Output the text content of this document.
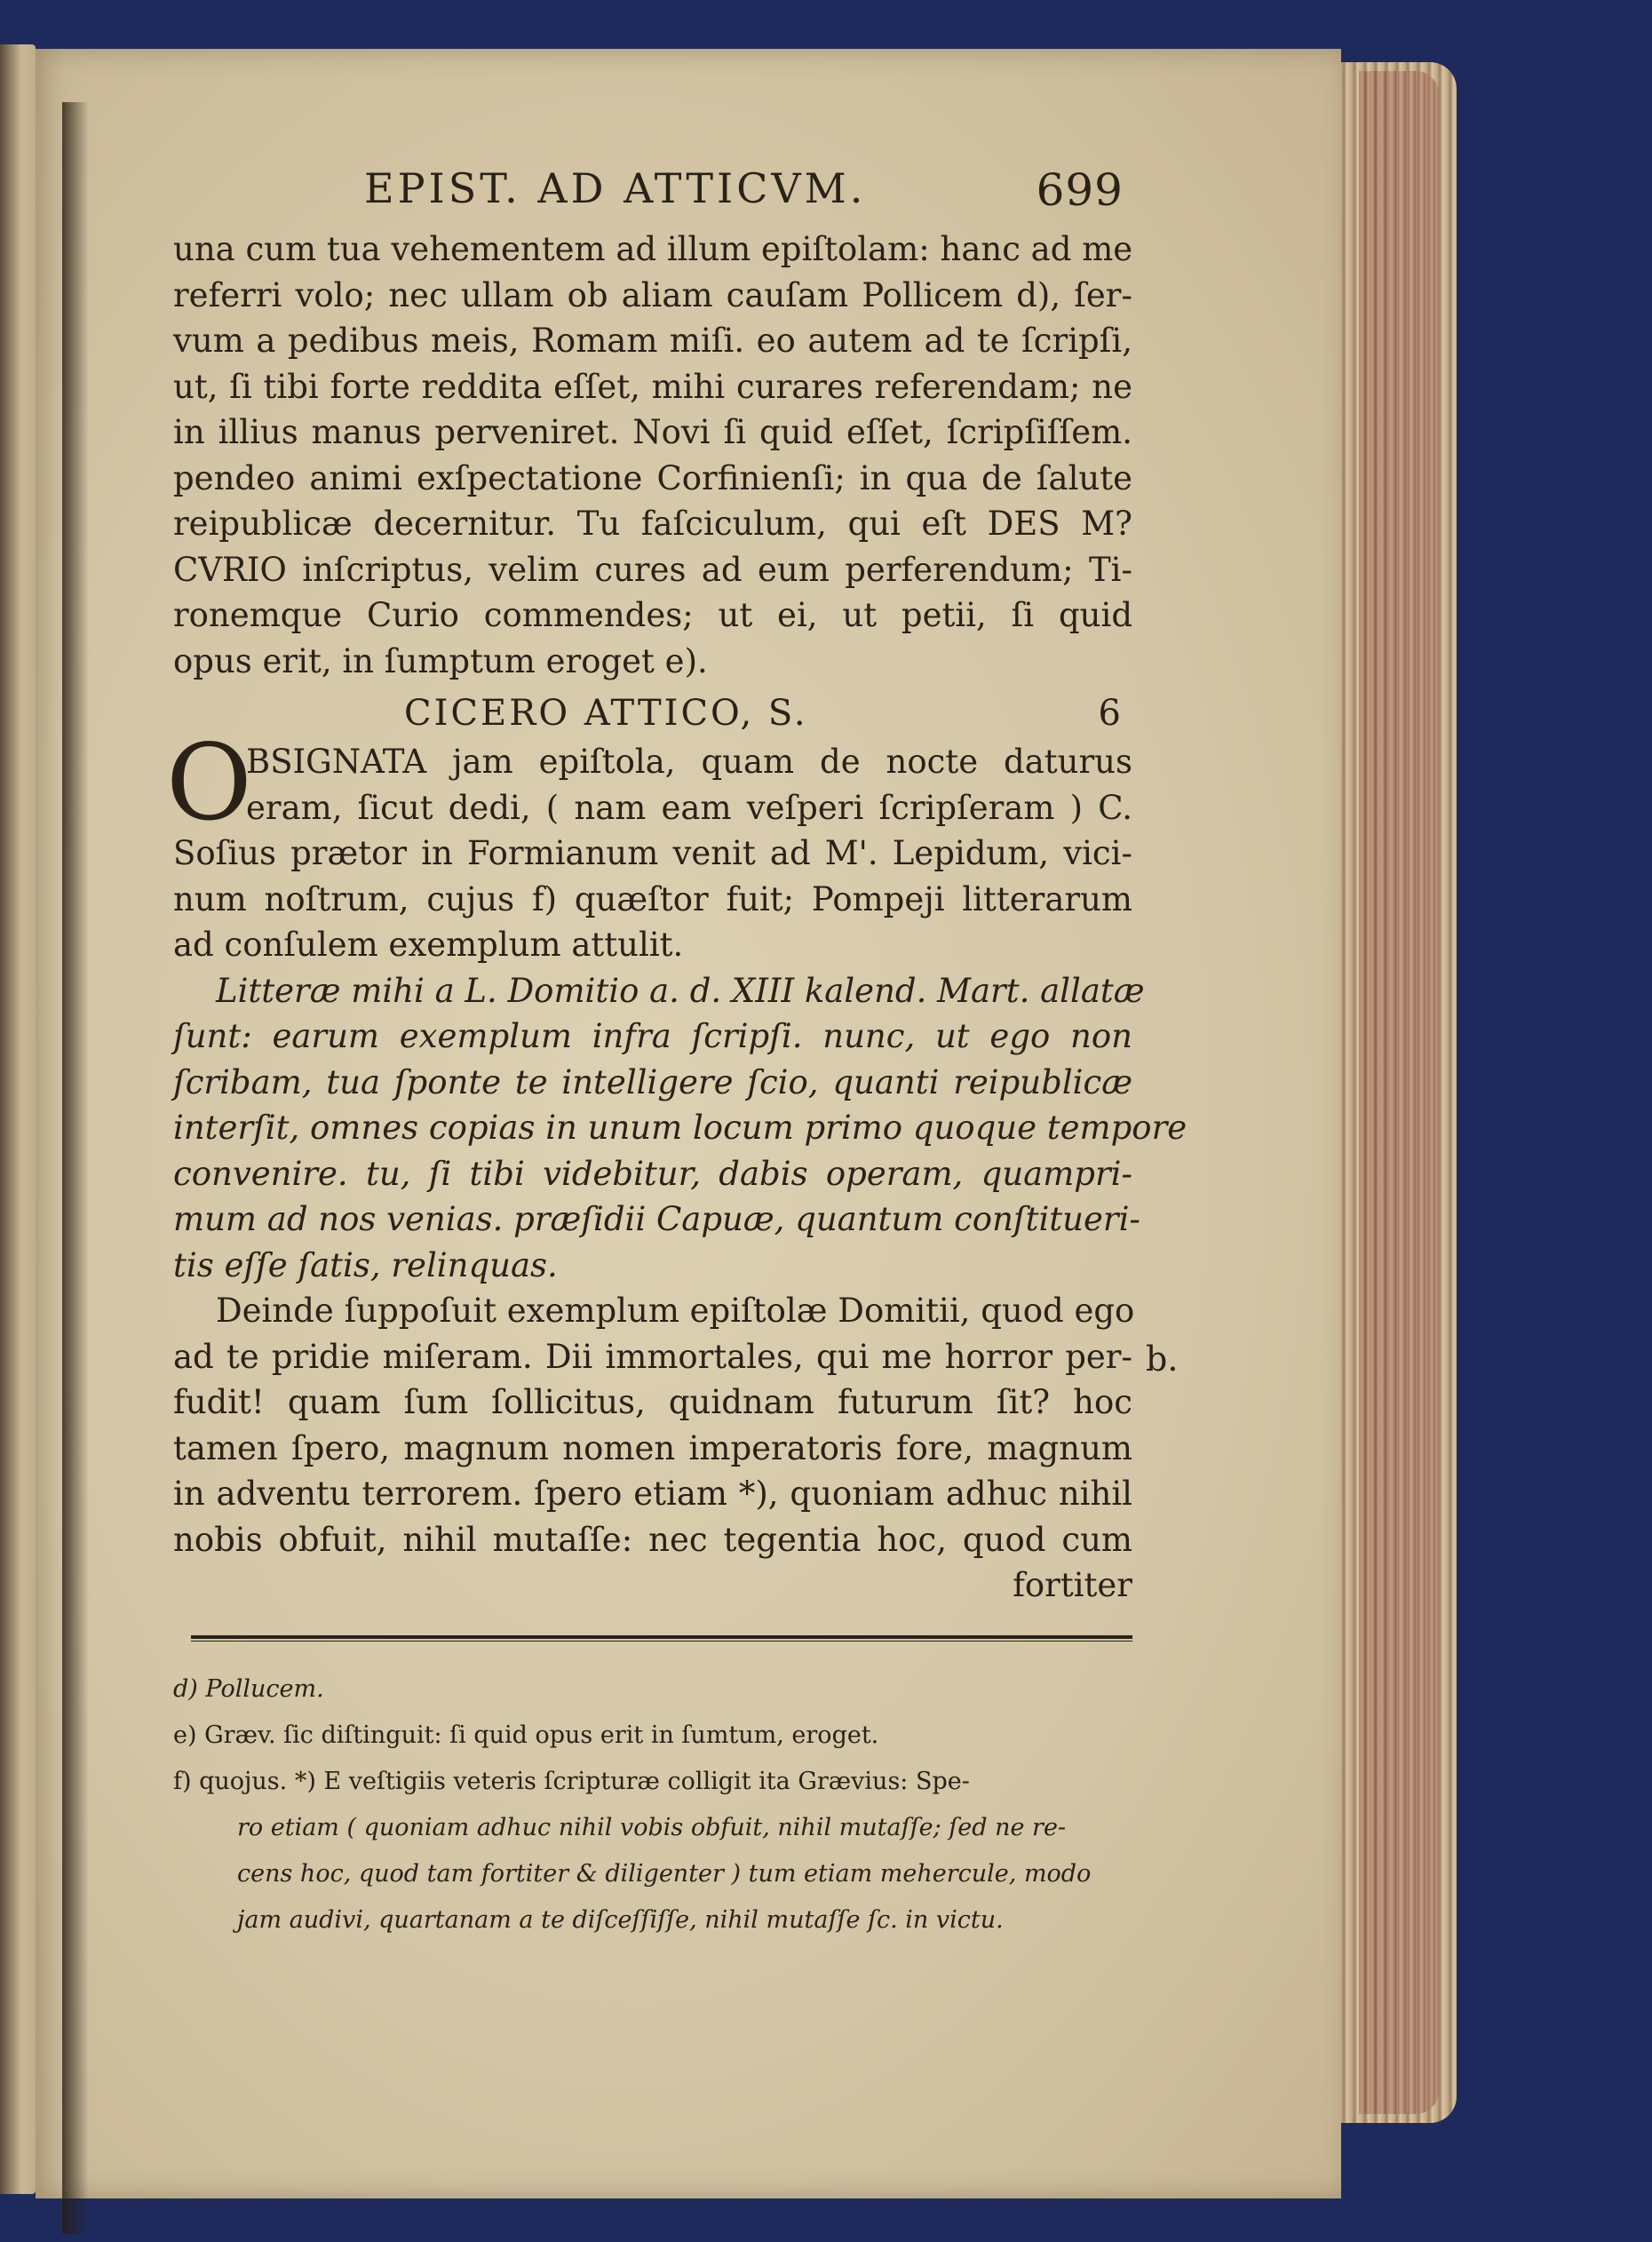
EPIST. AD ATTICVM.	699
una cum tua vehementem ad illum epiſtolam: hanc ad me
referri volo; nec ullam ob aliam cauſam Pollicem d), ſer-
vum a pedibus meis, Romam miſi. eo autem ad te ſcripſi,
ut, ſi tibi forte reddita eſſet, mihi curares referendam; ne
in illius manus perveniret. Novi ſi quid eſſet, ſcripſiſſem.
pendeo animi exſpectatione Corfinienſi; in qua de ſalute
reipublicæ decernitur. Tu faſciculum, qui eſt DES M?
CVRIO inſcriptus, velim cures ad eum perferendum; Ti-
ronemque Curio commendes; ut ei, ut petii, ſi quid
opus erit, in ſumptum eroget e).
CICERO ATTICO, S.	6
O
BSIGNATA jam epiſtola, quam de nocte daturus
eram, ſicut dedi, ( nam eam veſperi ſcripſeram ) C.
Soſius prætor in Formianum venit ad M'. Lepidum, vici-
num noſtrum, cujus f) quæſtor fuit; Pompeji litterarum
ad conſulem exemplum attulit.
Litteræ mihi a L. Domitio a. d. XIII kalend. Mart. allatæ
ſunt: earum exemplum infra ſcripſi. nunc, ut ego non
ſcribam, tua ſponte te intelligere ſcio, quanti reipublicæ
interſit, omnes copias in unum locum primo quoque tempore
convenire. tu, ſi tibi videbitur, dabis operam, quampri-
mum ad nos venias. præſidii Capuæ, quantum conſtitueri-
tis eſſe ſatis, relinquas.
Deinde ſuppoſuit exemplum epiſtolæ Domitii, quod ego
ad te pridie miſeram. Dii immortales, qui me horror per-
fudit! quam ſum ſollicitus, quidnam futurum ſit? hoc
tamen ſpero, magnum nomen imperatoris fore, magnum
in adventu terrorem. ſpero etiam *), quoniam adhuc nihil
nobis obfuit, nihil mutaſſe: nec tegentia hoc, quod cum
fortiter
d) Pollucem.
e) Græv. ſic diſtinguit: ſi quid opus erit in ſumtum, eroget.
f) quojus. *) E veſtigiis veteris ſcripturæ colligit ita Grævius: Spe-
ro etiam ( quoniam adhuc nihil vobis obfuit, nihil mutaſſe; ſed ne re-
cens hoc, quod tam fortiter & diligenter ) tum etiam mehercule, modo
jam audivi, quartanam a te diſceſſiſſe, nihil mutaſſe ſc. in victu.
b.
